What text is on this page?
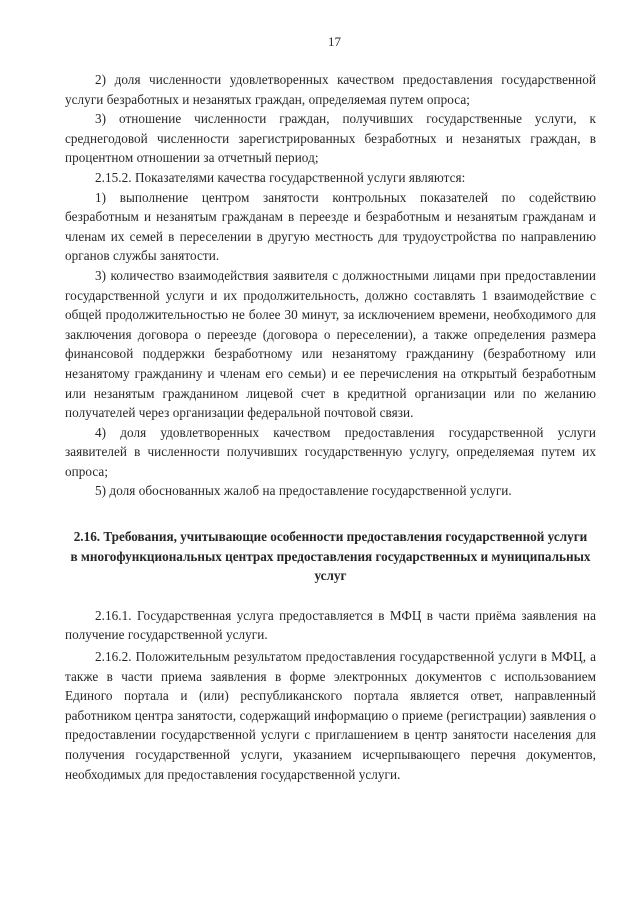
17

2) доля численности удовлетворенных качеством предоставления государственной услуги безработных и незанятых граждан, определяемая путем опроса;

3) отношение численности граждан, получивших государственные услуги, к среднегодовой численности зарегистрированных безработных и незанятых граждан, в процентном отношении за отчетный период;

2.15.2. Показателями качества государственной услуги являются:

1) выполнение центром занятости контрольных показателей по содействию безработным и незанятым гражданам в переезде и безработным и незанятым гражданам и членам их семей в переселении в другую местность для трудоустройства по направлению органов службы занятости.

3) количество взаимодействия заявителя с должностными лицами при предоставлении государственной услуги и их продолжительность, должно составлять 1 взаимодействие с общей продолжительностью не более 30 минут, за исключением времени, необходимого для заключения договора о переезде (договора о переселении), а также определения размера финансовой поддержки безработному или незанятому гражданину (безработному или незанятому гражданину и членам его семьи) и ее перечисления на открытый безработным или незанятым гражданином лицевой счет в кредитной организации или по желанию получателей через организации федеральной почтовой связи.

4) доля удовлетворенных качеством предоставления государственной услуги заявителей в численности получивших государственную услугу, определяемая путем их опроса;

5) доля обоснованных жалоб на предоставление государственной услуги.

2.16. Требования, учитывающие особенности предоставления государственной услуги в многофункциональных центрах предоставления государственных и муниципальных услуг

2.16.1. Государственная услуга предоставляется в МФЦ в части приёма заявления на получение государственной услуги.

2.16.2. Положительным результатом предоставления государственной услуги в МФЦ, а также в части приема заявления в форме электронных документов с использованием Единого портала и (или) республиканского портала является ответ, направленный работником центра занятости, содержащий информацию о приеме (регистрации) заявления о предоставлении государственной услуги с приглашением в центр занятости населения для получения государственной услуги, указанием исчерпывающего перечня документов, необходимых для предоставления государственной услуги.
